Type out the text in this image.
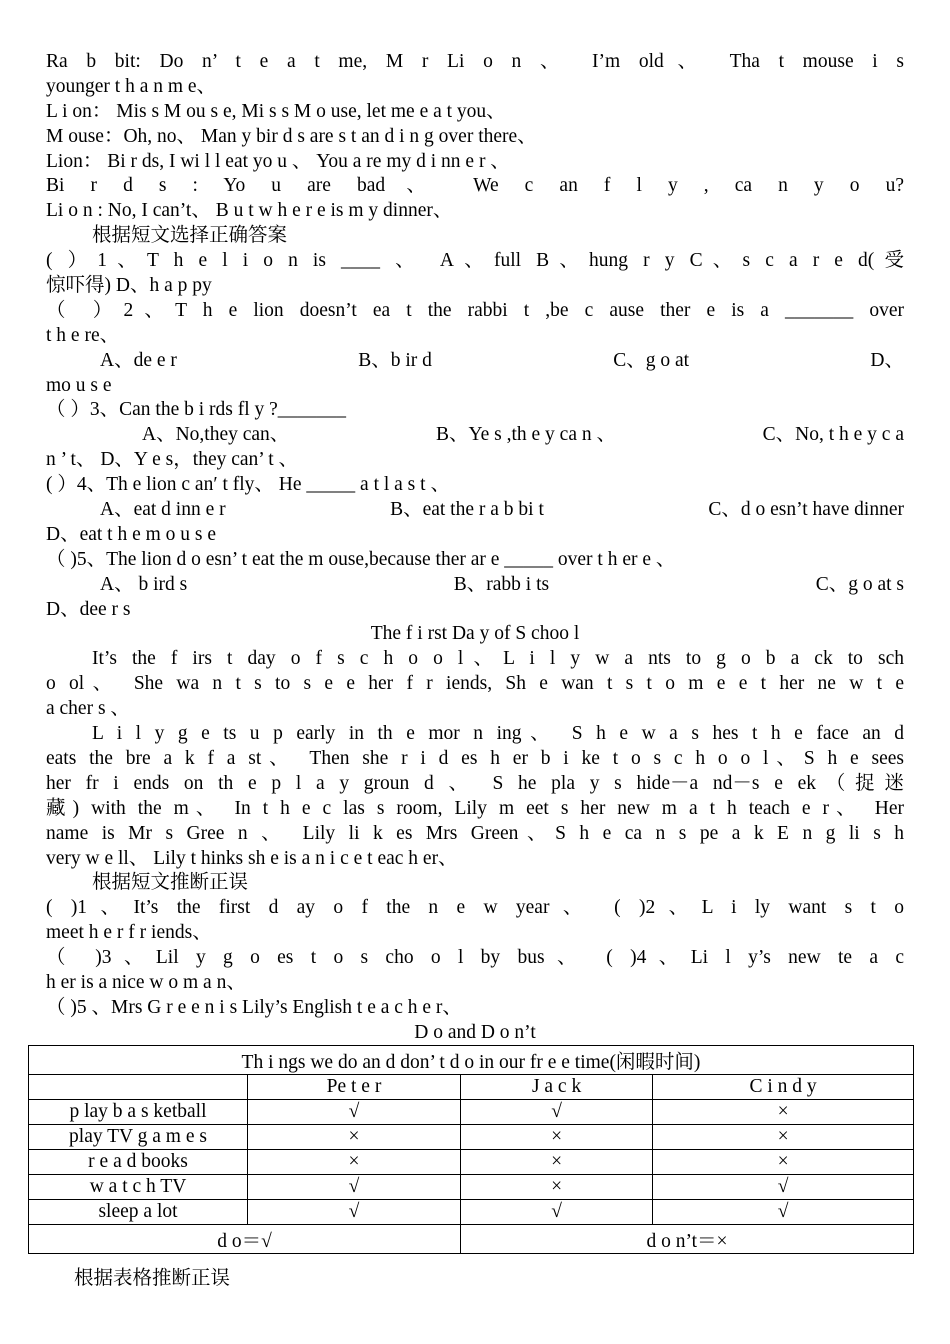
Ra b bit: Do n’ t e a t me, M r Li o n 、 I’m old、 Tha t mouse i s
younger t h a n m e、
L i on： Mis s M ou s e, Mi s s M o use, let me e a t you、
M ouse：Oh, no、 Man y bir d s are s t an d i n g over there、
Lion： Bi r ds, I wi l l eat yo u 、 You a re my d i nn e r 、
Bi r d s : Yo u are bad、 We c an f l y , ca n y o u?
Li o n : No, I can’t、 B u t w h e r e is m y dinner、
根据短文选择正确答案
( ）1、T h e l i o n is ____ 、 A、full B、hung r y C、s c a r e d(受
惊吓得) D、h a p py
（ ）2、T h e lion doesn’t ea t the rabbi t ,be c ause ther e is a _______ over
t h e re、
A、de e r	B、b ir d	C、g o at	D、
mo u s e
（ ）3、Can the b i rds fl y ?_______
A、No,they can、	B、Ye s ,th e y ca n 、	C、No, t h e y c a
n ’ t、 D、Y e s，they can’ t 、
( ）4、Th e lion c an′ t fly、 He _____ a t l a s t 、
A、eat d inn e r	B、eat the r a b bi t	C、d o esn’t have dinner
D、eat t h e m o u s e
（ )5、The lion d o esn’ t eat the m ouse,because ther ar e _____ over t h er e 、
A、 b ird s	B、rabb i ts	C、g o at s
D、dee r s
The f i rst Da y of S choo l
It’s the f irs t day o f s c h o o l、L i l y w a nts to g o b a ck to sch
o ol、 She wa n t s to s e e her f r iends, Sh e wan t s t o m e e t her ne w t e
a cher s 、
L i l y g e ts u p early in th e mor n ing、 S h e w a s hes t h e face an d
eats the bre a k f a st、 Then she r i d es h er b i ke t o s c h o o l、S h e sees
her fr i ends on th e p l a y groun d 、 S he pla y s hide－a nd－s e ek（捉迷
藏) with the m、 In t h e c las s room, Lily m eet s her new m a t h teach e r、 Her
name is Mr s Gree n 、 Lily li k es Mrs Green、S h e ca n s pe a k E n g li s h
very w e ll、 Lily t hinks sh e is a n i c e t eac h er、
根据短文推断正误
( )1、It’s the first d ay o f the n e w year、 ( )2、L i ly want s t o
meet h e r f r iends、
（ )3、Lil y g o es t o s cho o l by bus、 ( )4、Li l y’s new te a c
h er is a nice w o m a n、
（ )5 、Mrs G r e e n i s Lily’s English t e a c h e r、
D o and D o n’t
Th i ngs we do an d don’ t d o in our fr e e time(闲暇时间)			
	Pe t e r	J a c k	C i n d y
p lay b a s ketball	√	√	×
play TV g a m e s	×	×	×
r e a d books	×	×	×
w a t c h TV	√	×	√
sleep a lot	√	√	√
d o＝√		d o n’t＝×	
根据表格推断正误
